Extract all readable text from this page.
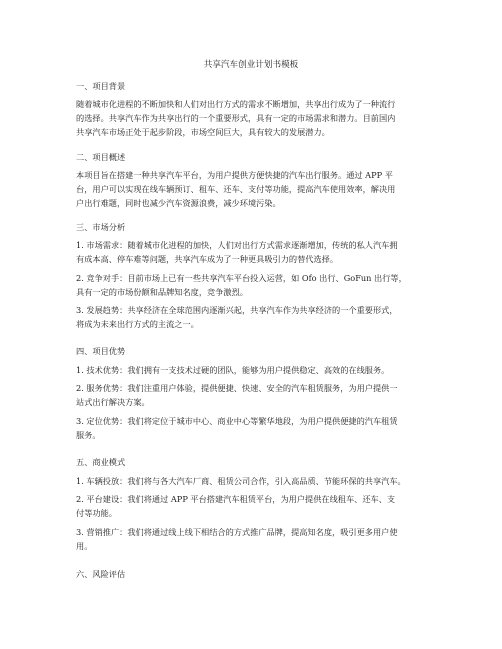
共享汽车创业计划书模板
一、项目背景
随着城市化进程的不断加快和人们对出行方式的需求不断增加，共享出行成为了一种流行
的选择。共享汽车作为共享出行的一个重要形式，具有一定的市场需求和潜力。目前国内
共享汽车市场正处于起步阶段，市场空间巨大，具有较大的发展潜力。
二、项目概述
本项目旨在搭建一种共享汽车平台，为用户提供方便快捷的汽车出行服务。通过 APP 平
台，用户可以实现在线车辆预订、租车、还车、支付等功能，提高汽车使用效率，解决用
户出行难题，同时也减少汽车资源浪费，减少环境污染。
三、市场分析
1. 市场需求：随着城市化进程的加快，人们对出行方式需求逐渐增加，传统的私人汽车拥
有成本高、停车难等问题，共享汽车成为了一种更具吸引力的替代选择。
2. 竞争对手：目前市场上已有一些共享汽车平台投入运营，如 Ofo 出行、GoFun 出行等，
具有一定的市场份额和品牌知名度，竞争激烈。
3. 发展趋势：共享经济在全球范围内逐渐兴起，共享汽车作为共享经济的一个重要形式，
将成为未来出行方式的主流之一。
四、项目优势
1. 技术优势：我们拥有一支技术过硬的团队，能够为用户提供稳定、高效的在线服务。
2. 服务优势：我们注重用户体验，提供便捷、快速、安全的汽车租赁服务，为用户提供一
站式出行解决方案。
3. 定位优势：我们将定位于城市中心、商业中心等繁华地段，为用户提供便捷的汽车租赁
服务。
五、商业模式
1. 车辆投放：我们将与各大汽车厂商、租赁公司合作，引入高品质、节能环保的共享汽车。
2. 平台建设：我们将通过 APP 平台搭建汽车租赁平台，为用户提供在线租车、还车、支
付等功能。
3. 营销推广：我们将通过线上线下相结合的方式推广品牌，提高知名度，吸引更多用户使
用。
六、风险评估
